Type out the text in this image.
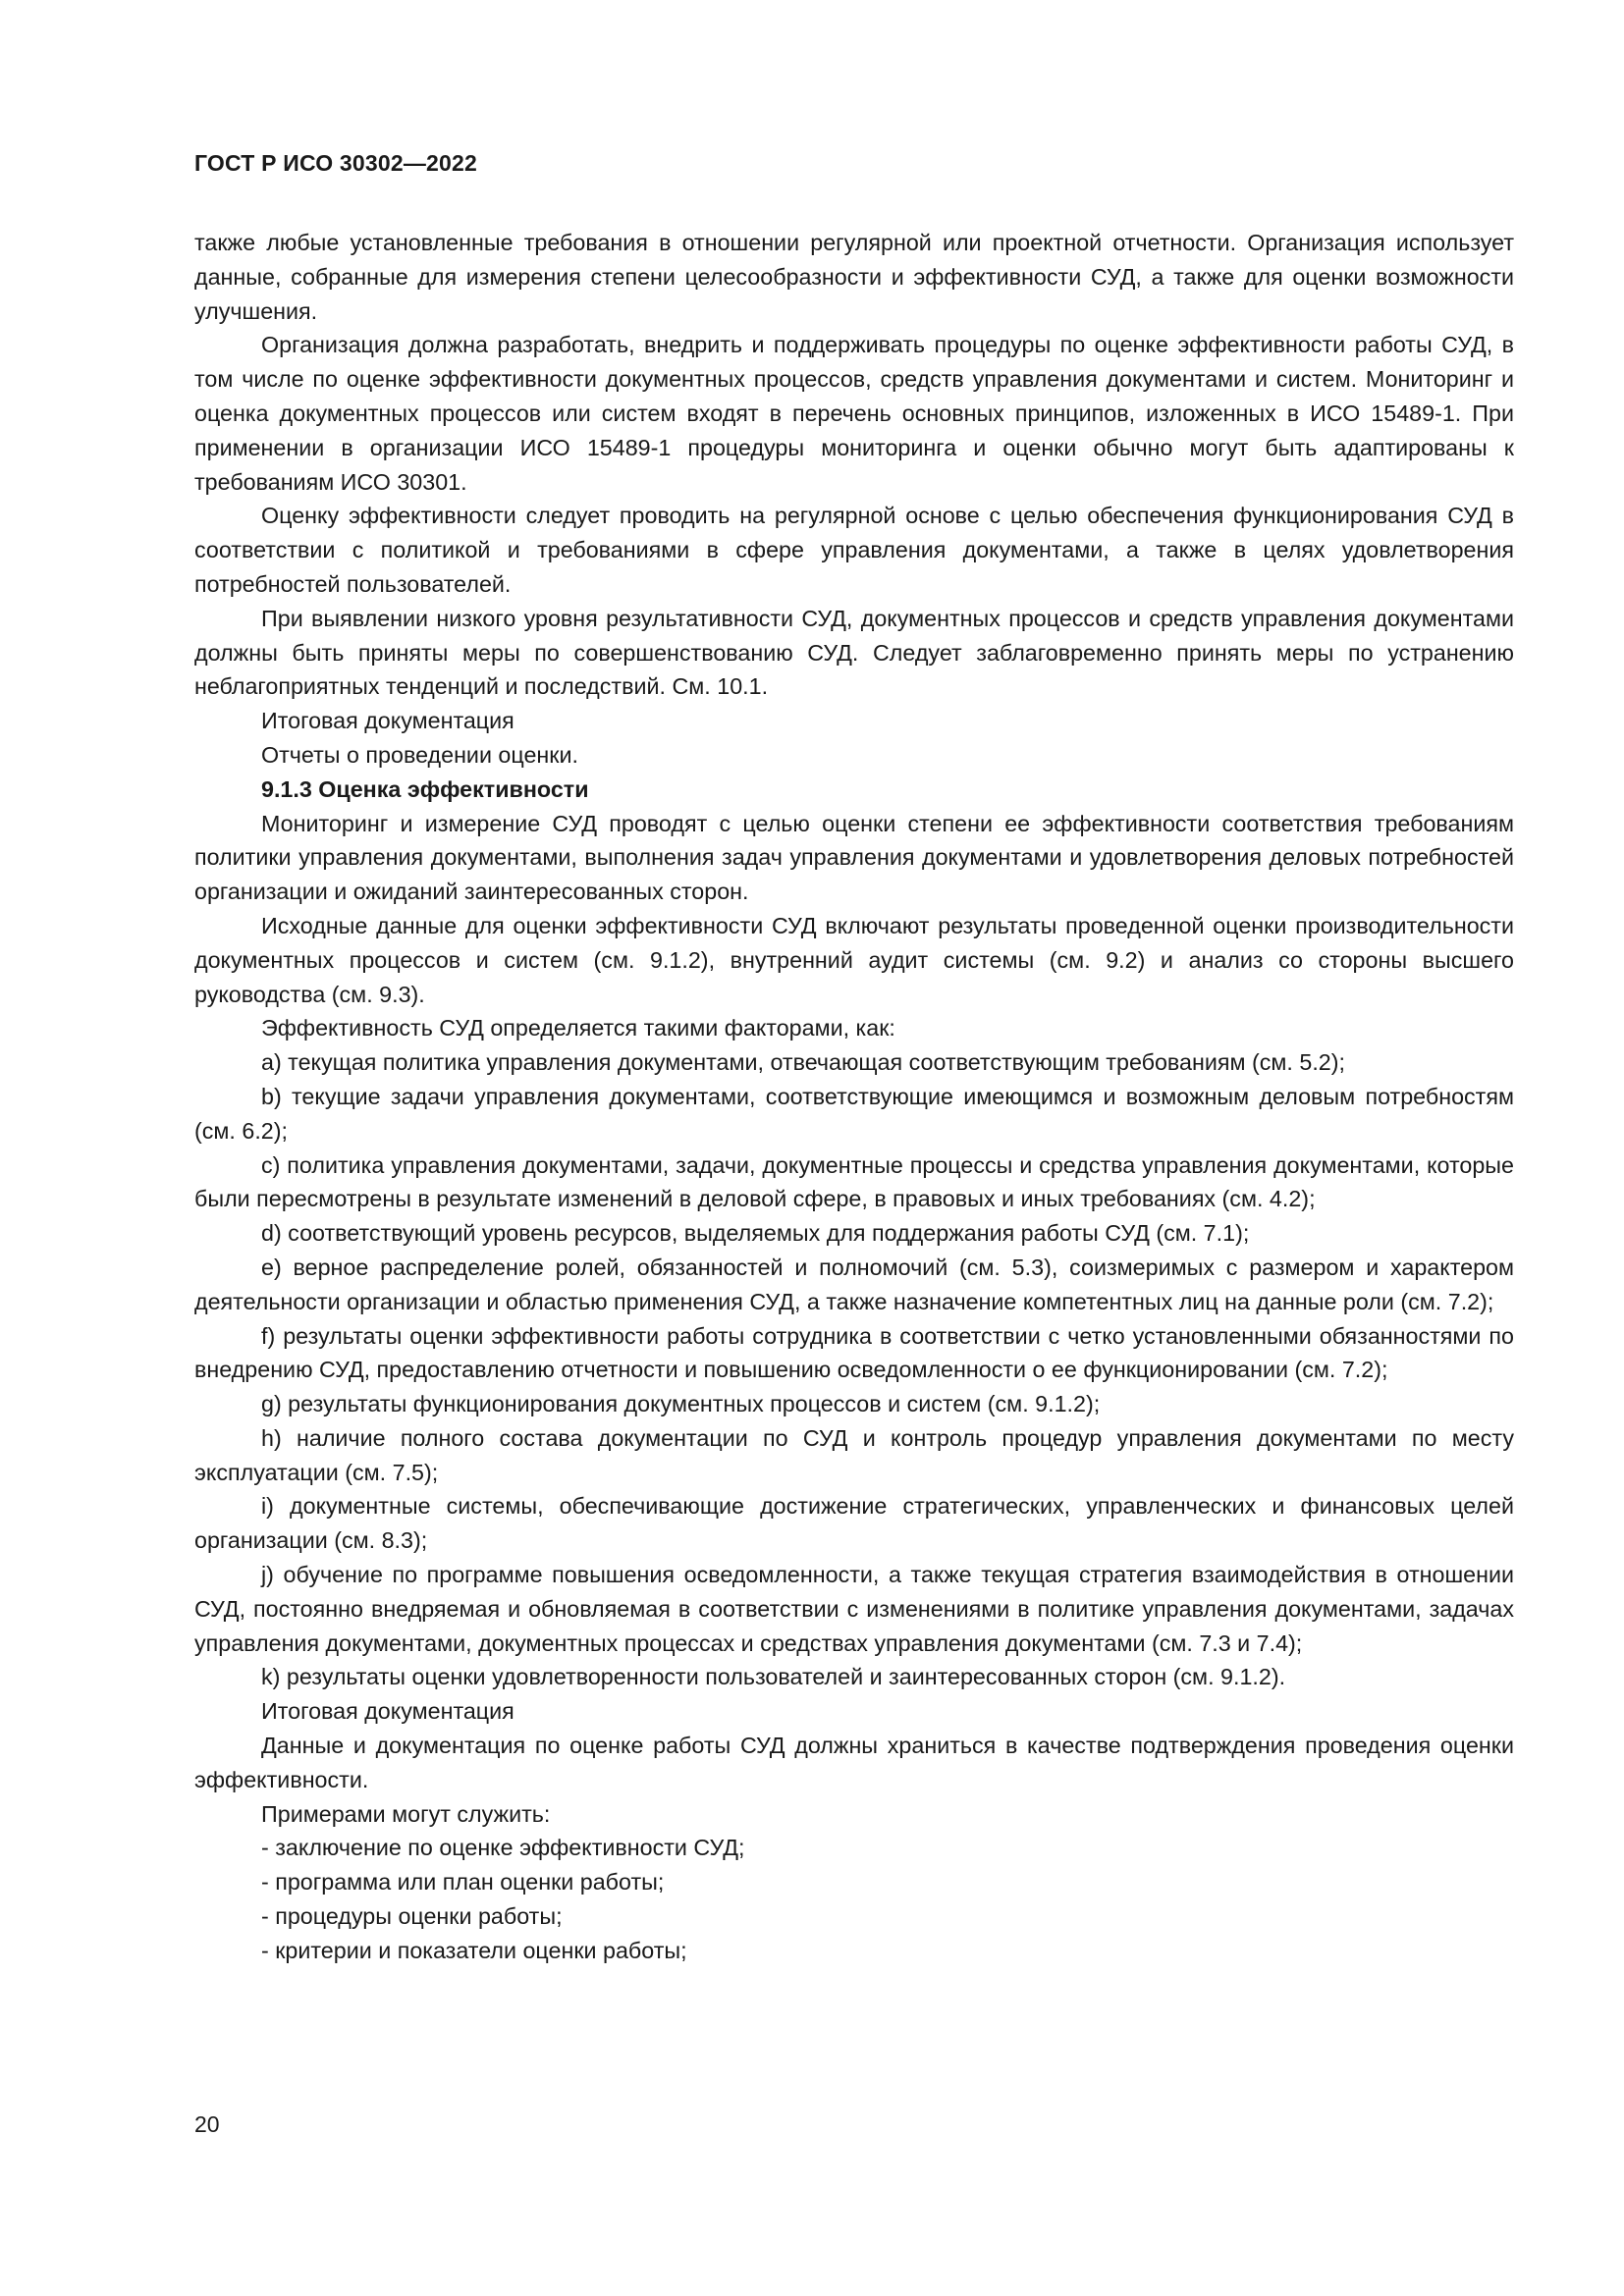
ГОСТ Р ИСО 30302—2022

также любые установленные требования в отношении регулярной или проектной отчетности. Организация использует данные, собранные для измерения степени целесообразности и эффективности СУД, а также для оценки возможности улучшения.

Организация должна разработать, внедрить и поддерживать процедуры по оценке эффективности работы СУД, в том числе по оценке эффективности документных процессов, средств управления документами и систем. Мониторинг и оценка документных процессов или систем входят в перечень основных принципов, изложенных в ИСО 15489-1. При применении в организации ИСО 15489-1 процедуры мониторинга и оценки обычно могут быть адаптированы к требованиям ИСО 30301.

Оценку эффективности следует проводить на регулярной основе с целью обеспечения функционирования СУД в соответствии с политикой и требованиями в сфере управления документами, а также в целях удовлетворения потребностей пользователей.

При выявлении низкого уровня результативности СУД, документных процессов и средств управления документами должны быть приняты меры по совершенствованию СУД. Следует заблаговременно принять меры по устранению неблагоприятных тенденций и последствий. См. 10.1.

Итоговая документация

Отчеты о проведении оценки.

9.1.3 Оценка эффективности

Мониторинг и измерение СУД проводят с целью оценки степени ее эффективности соответствия требованиям политики управления документами, выполнения задач управления документами и удовлетворения деловых потребностей организации и ожиданий заинтересованных сторон.

Исходные данные для оценки эффективности СУД включают результаты проведенной оценки производительности документных процессов и систем (см. 9.1.2), внутренний аудит системы (см. 9.2) и анализ со стороны высшего руководства (см. 9.3).

Эффективность СУД определяется такими факторами, как:

a) текущая политика управления документами, отвечающая соответствующим требованиям (см. 5.2);

b) текущие задачи управления документами, соответствующие имеющимся и возможным деловым потребностям (см. 6.2);

c) политика управления документами, задачи, документные процессы и средства управления документами, которые были пересмотрены в результате изменений в деловой сфере, в правовых и иных требованиях (см. 4.2);

d) соответствующий уровень ресурсов, выделяемых для поддержания работы СУД (см. 7.1);

e) верное распределение ролей, обязанностей и полномочий (см. 5.3), соизмеримых с размером и характером деятельности организации и областью применения СУД, а также назначение компетентных лиц на данные роли (см. 7.2);

f) результаты оценки эффективности работы сотрудника в соответствии с четко установленными обязанностями по внедрению СУД, предоставлению отчетности и повышению осведомленности о ее функционировании (см. 7.2);

g) результаты функционирования документных процессов и систем (см. 9.1.2);

h) наличие полного состава документации по СУД и контроль процедур управления документами по месту эксплуатации (см. 7.5);

i) документные системы, обеспечивающие достижение стратегических, управленческих и финансовых целей организации (см. 8.3);

j) обучение по программе повышения осведомленности, а также текущая стратегия взаимодействия в отношении СУД, постоянно внедряемая и обновляемая в соответствии с изменениями в политике управления документами, задачах управления документами, документных процессах и средствах управления документами (см. 7.3 и 7.4);

k) результаты оценки удовлетворенности пользователей и заинтересованных сторон (см. 9.1.2).

Итоговая документация

Данные и документация по оценке работы СУД должны храниться в качестве подтверждения проведения оценки эффективности.

Примерами могут служить:

- заключение по оценке эффективности СУД;

- программа или план оценки работы;

- процедуры оценки работы;

- критерии и показатели оценки работы;

20
